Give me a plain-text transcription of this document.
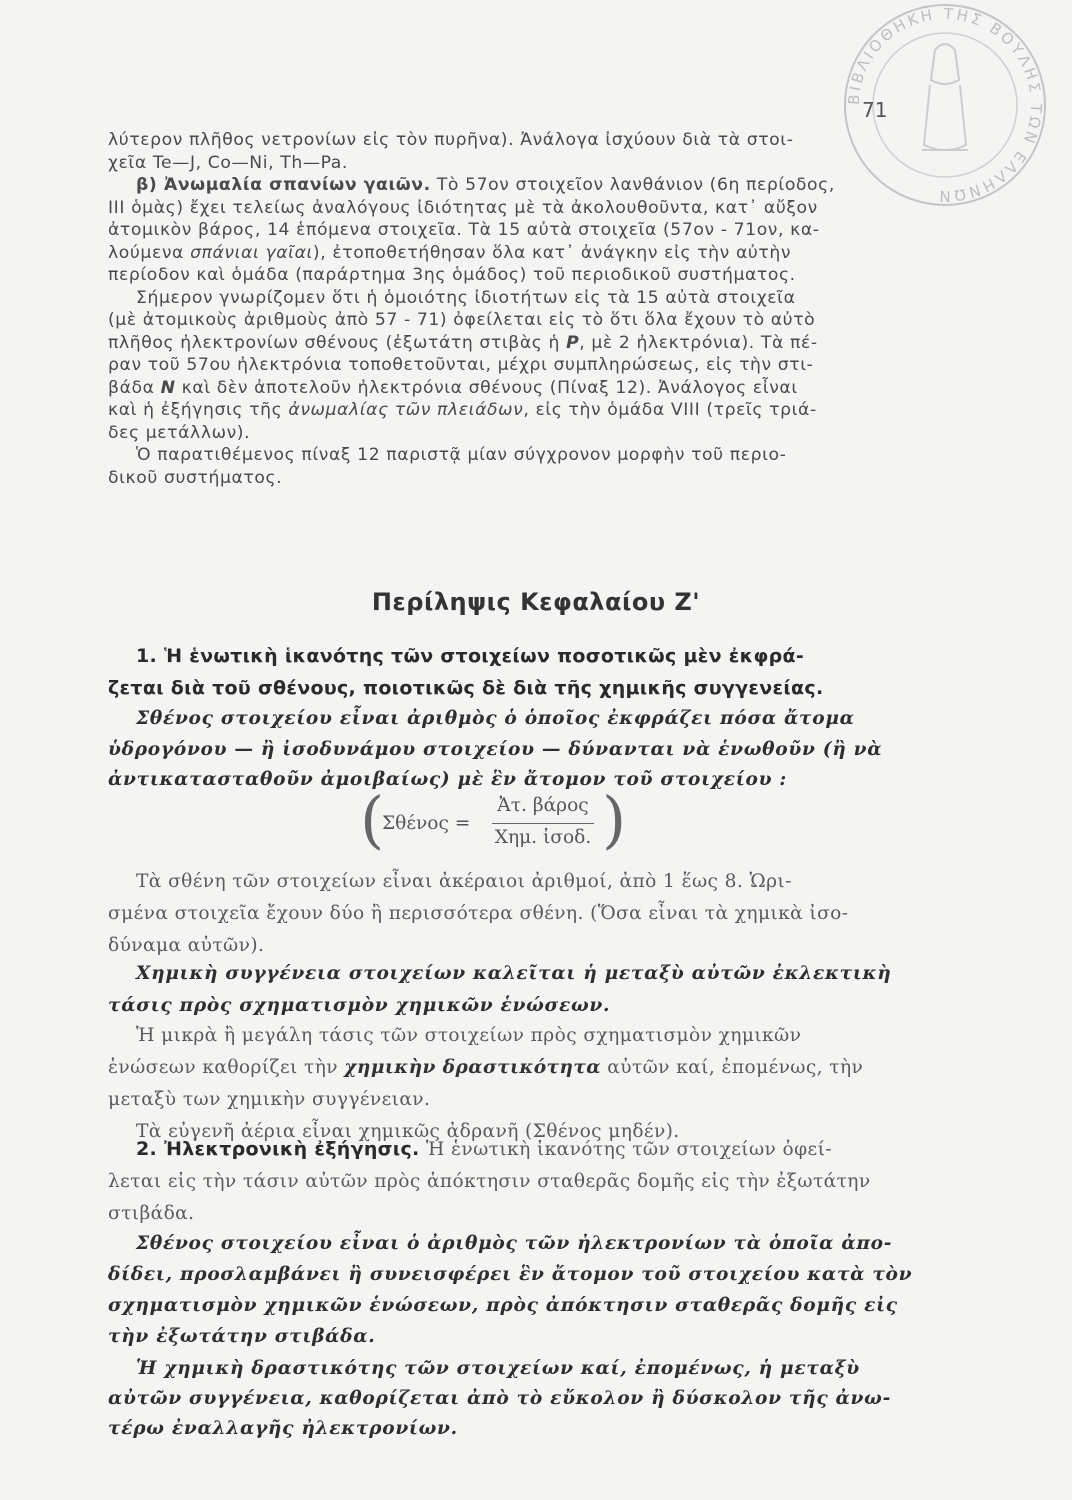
ΒΙΒΛΙΟΘΗΚΗ ΤΗΣ ΒΟΥΛΗΣ ΤΩΝ ΕΛΛΗΝΩΝ
71
λύτερον πλῆθος νετρονίων εἰς τὸν πυρῆνα). Ἀνάλογα ἰσχύουν διὰ τὰ στοι-
χεῖα Te—J, Co—Ni, Th—Pa.
β) Ἀνωμαλία σπανίων γαιῶν. Τὸ 57ον στοιχεῖον λανθάνιον (6η περίοδος,
III ὁμὰς) ἔχει τελείως ἀναλόγους ἰδιότητας μὲ τὰ ἀκολουθοῦντα, κατ᾽ αὔξον
ἀτομικὸν βάρος, 14 ἑπόμενα στοιχεῖα. Τὰ 15 αὐτὰ στοιχεῖα (57ον - 71ον, κα-
λούμενα σπάνιαι γαῖαι), ἐτοποθετήθησαν ὅλα κατ᾽ ἀνάγκην εἰς τὴν αὐτὴν
περίοδον καὶ ὁμάδα (παράρτημα 3ης ὁμάδος) τοῦ περιοδικοῦ συστήματος.
Σήμερον γνωρίζομεν ὅτι ἡ ὁμοιότης ἰδιοτήτων εἰς τὰ 15 αὐτὰ στοιχεῖα
(μὲ ἀτομικοὺς ἀριθμοὺς ἀπὸ 57 - 71) ὀφείλεται εἰς τὸ ὅτι ὅλα ἔχουν τὸ αὐτὸ
πλῆθος ἠλεκτρονίων σθένους (ἐξωτάτη στιβὰς ἡ P, μὲ 2 ἠλεκτρόνια). Τὰ πέ-
ραν τοῦ 57ου ἠλεκτρόνια τοποθετοῦνται, μέχρι συμπληρώσεως, εἰς τὴν στι-
βάδα N καὶ δὲν ἀποτελοῦν ἠλεκτρόνια σθένους (Πίναξ 12). Ἀνάλογος εἶναι
καὶ ἡ ἐξήγησις τῆς ἀνωμαλίας τῶν πλειάδων, εἰς τὴν ὁμάδα VIII (τρεῖς τριά-
δες μετάλλων).
Ὁ παρατιθέμενος πίναξ 12 παριστᾷ μίαν σύγχρονον μορφὴν τοῦ περιο-
δικοῦ συστήματος.
Περίληψις Κεφαλαίου Ζ'
1. Ἡ ἑνωτικὴ ἱκανότης τῶν στοιχείων ποσοτικῶς μὲν ἐκφρά-
ζεται διὰ τοῦ σθένους, ποιοτικῶς δὲ διὰ τῆς χημικῆς συγγενείας.
Σθένος στοιχείου εἶναι ἀριθμὸς ὁ ὁποῖος ἐκφράζει πόσα ἄτομα
ὑδρογόνου — ἢ ἰσοδυνάμου στοιχείου — δύνανται νὰ ἑνωθοῦν (ἢ νὰ
ἀντικατασταθοῦν ἀμοιβαίως) μὲ ἓν ἄτομον τοῦ στοιχείου :
(
Σθένος =
Ἀτ. βάρος
Χημ. ἰσοδ. )
Τὰ σθένη τῶν στοιχείων εἶναι ἀκέραιοι ἀριθμοί, ἀπὸ 1 ἕως 8. Ὡρι-
σμένα στοιχεῖα ἔχουν δύο ἢ περισσότερα σθένη. (Ὅσα εἶναι τὰ χημικὰ ἰσο-
δύναμα αὐτῶν).
Χημικὴ συγγένεια στοιχείων καλεῖται ἡ μεταξὺ αὐτῶν ἐκλεκτικὴ
τάσις πρὸς σχηματισμὸν χημικῶν ἑνώσεων.
Ἡ μικρὰ ἢ μεγάλη τάσις τῶν στοιχείων πρὸς σχηματισμὸν χημικῶν
ἑνώσεων καθορίζει τὴν χημικὴν δραστικότητα αὐτῶν καί, ἐπομένως, τὴν
μεταξὺ των χημικὴν συγγένειαν.
Τὰ εὐγενῆ ἀέρια εἶναι χημικῶς ἀδρανῆ (Σθένος μηδέν).
2. Ἠλεκτρονικὴ ἐξήγησις. Ἡ ἑνωτικὴ ἱκανότης τῶν στοιχείων ὀφεί-
λεται εἰς τὴν τάσιν αὐτῶν πρὸς ἀπόκτησιν σταθερᾶς δομῆς εἰς τὴν ἐξωτάτην
στιβάδα.
Σθένος στοιχείου εἶναι ὁ ἀριθμὸς τῶν ἠλεκτρονίων τὰ ὁποῖα ἀπο-
δίδει, προσλαμβάνει ἢ συνεισφέρει ἓν ἄτομον τοῦ στοιχείου κατὰ τὸν
σχηματισμὸν χημικῶν ἑνώσεων, πρὸς ἀπόκτησιν σταθερᾶς δομῆς εἰς
τὴν ἐξωτάτην στιβάδα.
Ἡ χημικὴ δραστικότης τῶν στοιχείων καί, ἐπομένως, ἡ μεταξὺ
αὐτῶν συγγένεια, καθορίζεται ἀπὸ τὸ εὔκολον ἢ δύσκολον τῆς ἀνω-
τέρω ἐναλλαγῆς ἠλεκτρονίων.
